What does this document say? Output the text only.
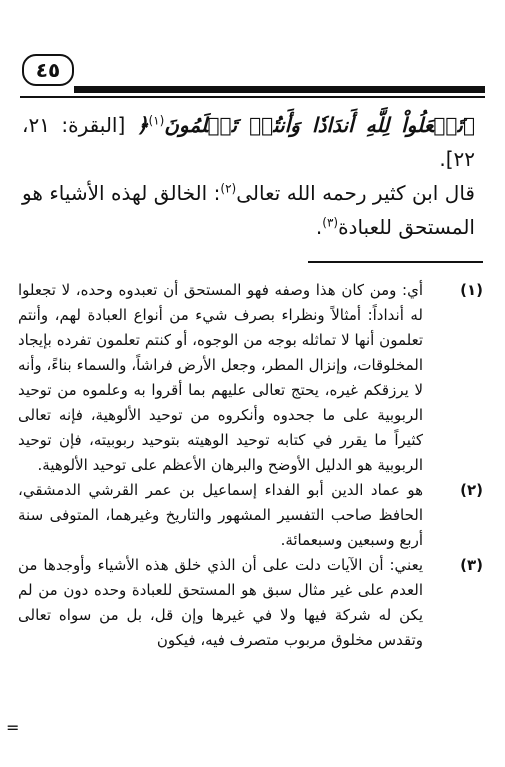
٤٥

﴾تَجۡعَلُواْ لِلَّهِ أَندَادٗا وَأَنتُمۡ تَعۡلَمُونَ$^{(١)}$﴿ [البقرة: ٢١، ٢٢].

قال ابن كثير رحمه الله تعالى$^{(٢)}$: الخالق لهذه الأشياء هو المستحق للعبادة$^{(٣)}$.

(١)
أي: ومن كان هذا وصفه فهو المستحق أن تعبدوه وحده، لا تجعلوا له أنداداً: أمثالاً ونظراء بصرف شيء من أنواع العبادة لهم، وأنتم تعلمون أنها لا تماثله بوجه من الوجوه، أو كنتم تعلمون تفرده بإيجاد المخلوقات، وإنزال المطر، وجعل الأرض فراشاً، والسماء بناءً، وأنه لا يرزقكم غيره، يحتج تعالى عليهم بما أقروا به وعلموه من توحيد الربوبية على ما جحدوه وأنكروه من توحيد الألوهية، فإنه تعالى كثيراً ما يقرر في كتابه توحيد الوهيته بتوحيد ربوبيته، فإن توحيد الربوبية هو الدليل الأوضح والبرهان الأعظم على توحيد الألوهية.

(٢)
هو عماد الدين أبو الفداء إسماعيل بن عمر القرشي الدمشقي، الحافظ صاحب التفسير المشهور والتاريخ وغيرهما، المتوفى سنة أربع وسبعين وسبعمائة.

(٣)
يعني: أن الآيات دلت على أن الذي خلق هذه الأشياء وأوجدها من العدم على غير مثال سبق هو المستحق للعبادة وحده دون من لم يكن له شركة فيها ولا في غيرها وإن قل، بل من سواه تعالى وتقدس مخلوق مربوب متصرف فيه، فيكون

=
